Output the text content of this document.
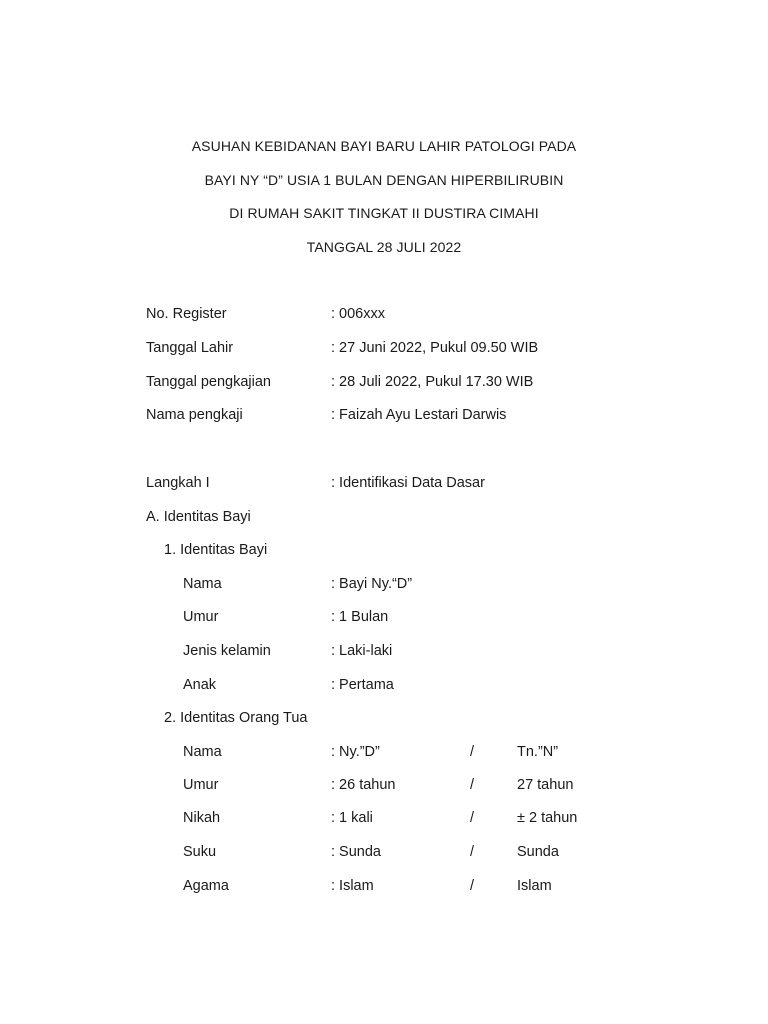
ASUHAN KEBIDANAN BAYI BARU LAHIR PATOLOGI PADA
BAYI NY “D” USIA 1 BULAN DENGAN HIPERBILIRUBIN
DI RUMAH SAKIT TINGKAT II DUSTIRA CIMAHI
TANGGAL 28 JULI 2022
No. Register	: 006xxx
Tanggal Lahir	: 27 Juni 2022, Pukul 09.50 WIB
Tanggal pengkajian	: 28 Juli 2022, Pukul 17.30 WIB
Nama pengkaji	: Faizah Ayu Lestari Darwis
Langkah I	: Identifikasi Data Dasar
A. Identitas Bayi
1. Identitas Bayi
Nama	: Bayi Ny.“D”
Umur	: 1 Bulan
Jenis kelamin	: Laki-laki
Anak	: Pertama
2. Identitas Orang Tua
Nama	: Ny.”D”	/	Tn.”N”
Umur	: 26 tahun	/	27 tahun
Nikah	: 1 kali	/	± 2 tahun
Suku	: Sunda	/	Sunda
Agama	: Islam	/	Islam
